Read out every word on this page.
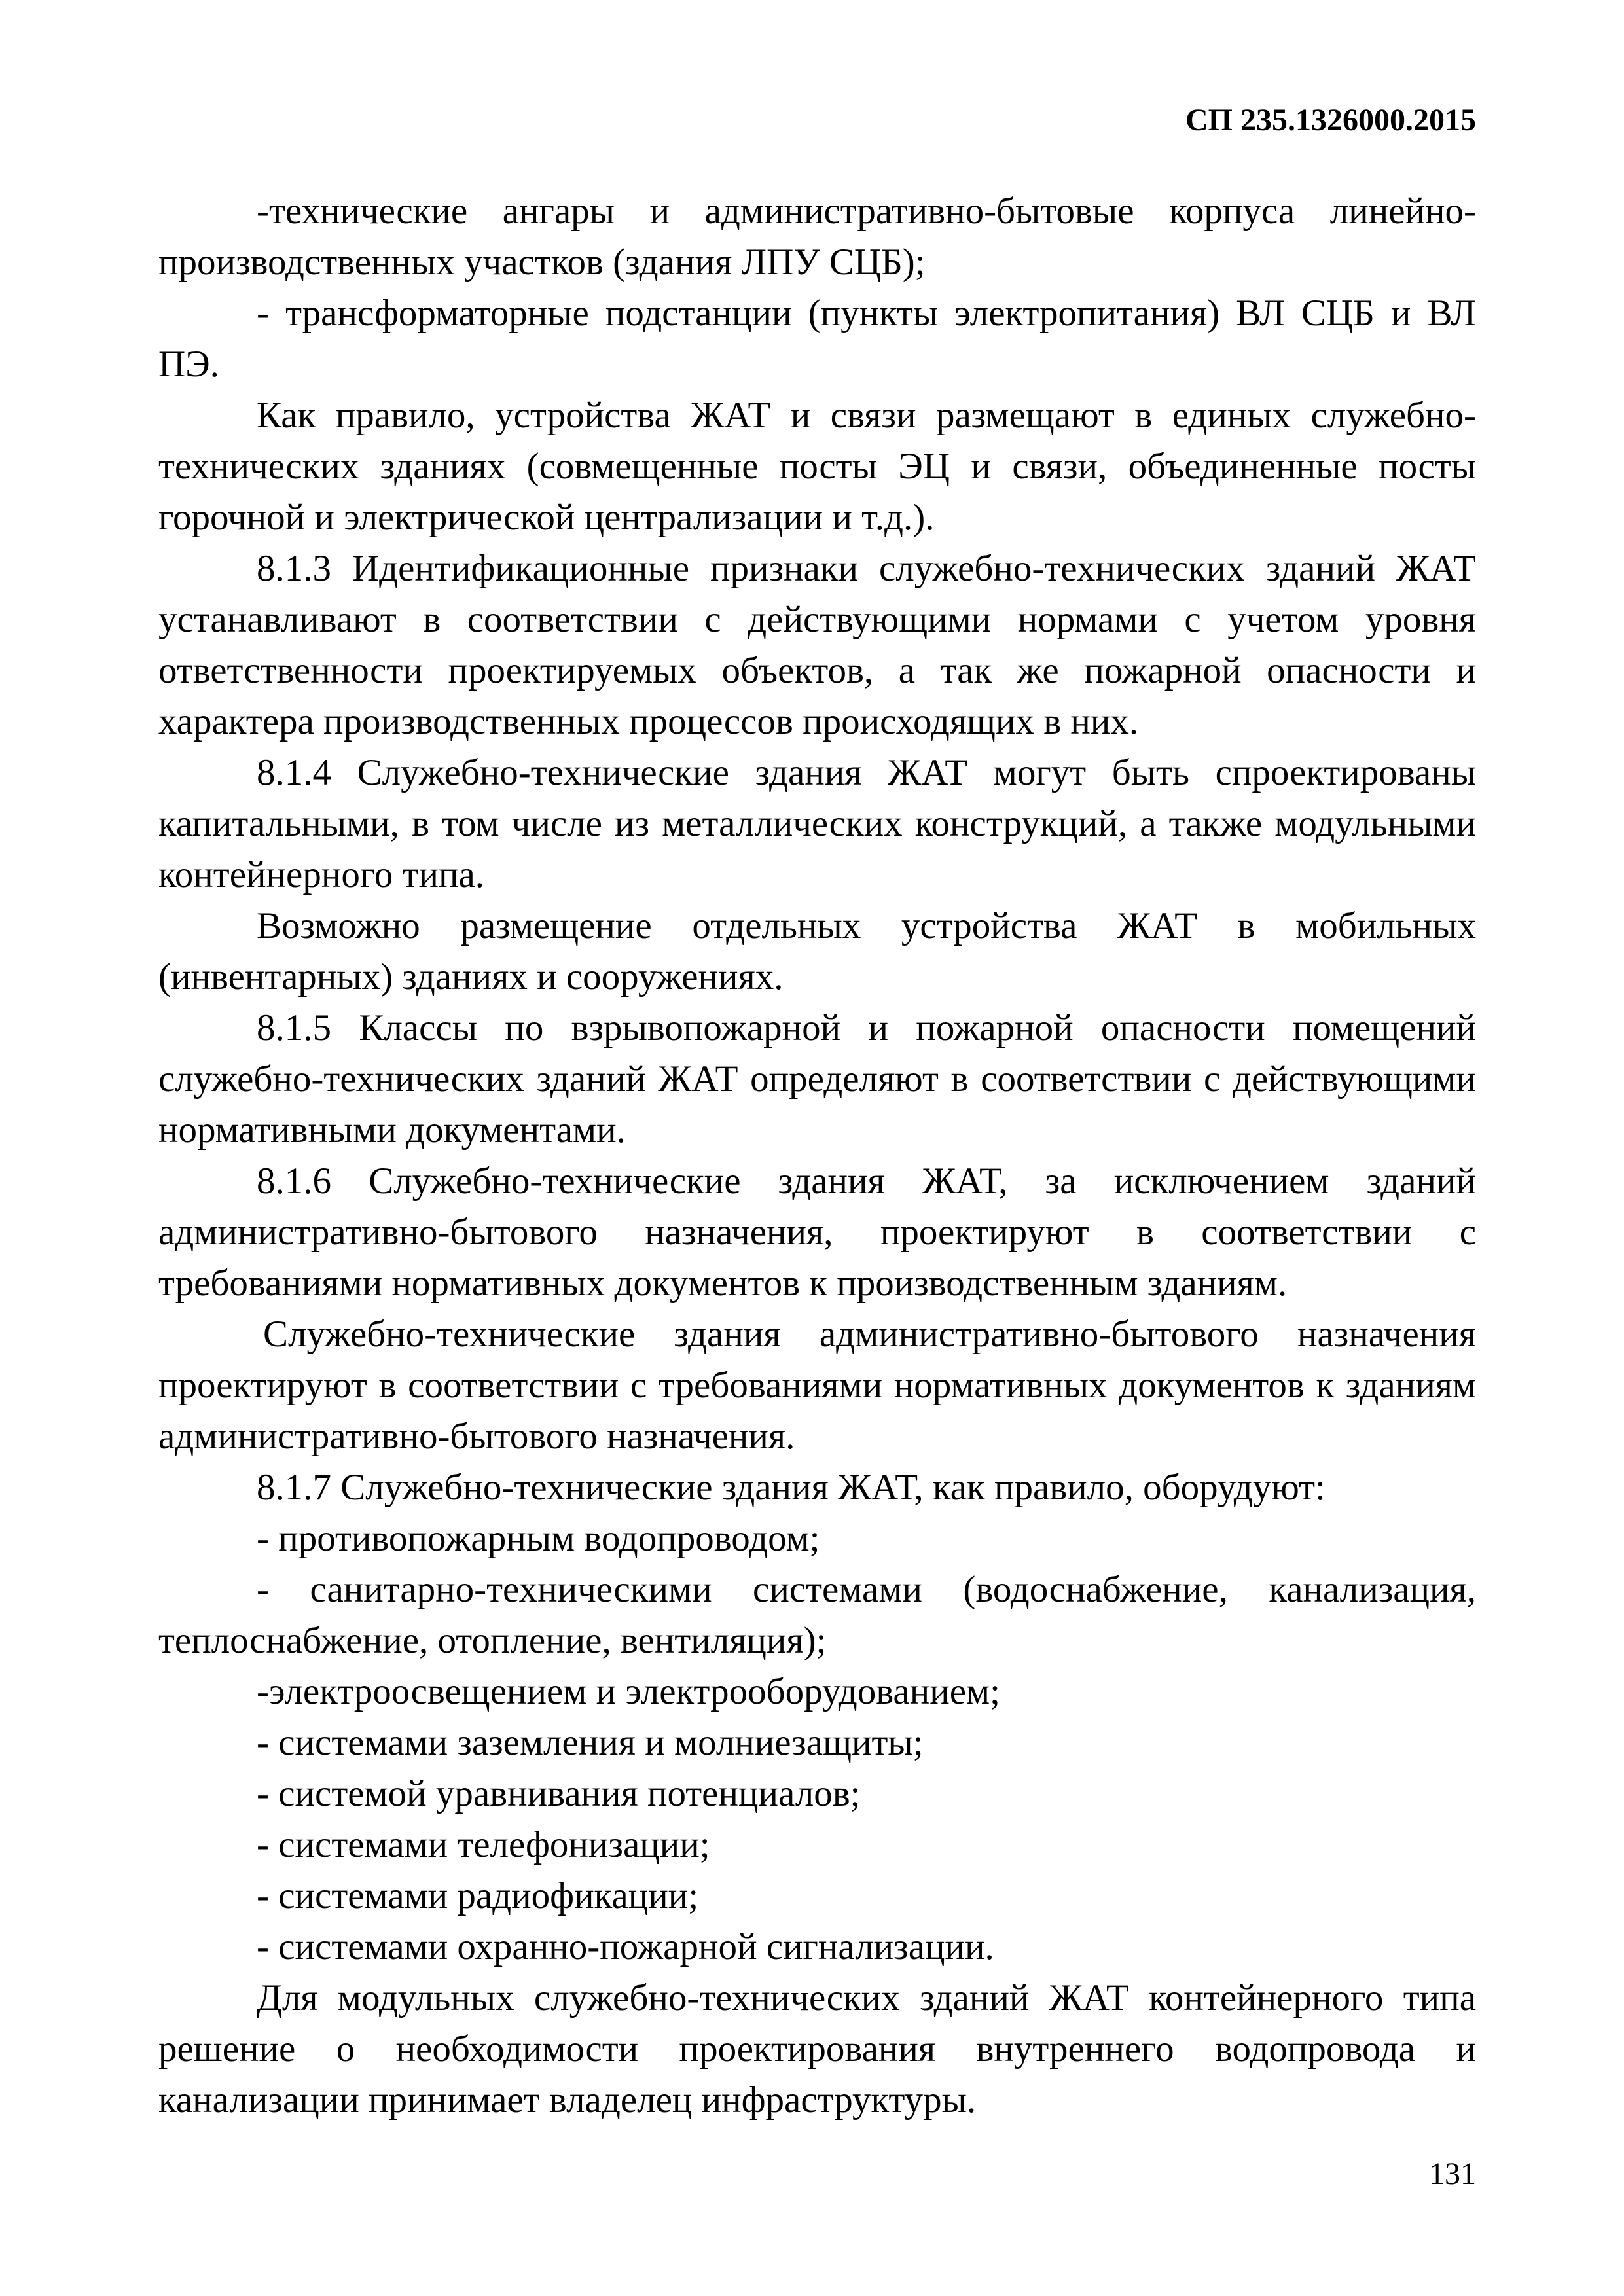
СП 235.1326000.2015

-технические ангары и административно-бытовые корпуса линейно-производственных участков (здания ЛПУ СЦБ);

- трансформаторные подстанции (пункты электропитания) ВЛ СЦБ и ВЛ ПЭ.

Как правило, устройства ЖАТ и связи размещают в единых служебно-технических зданиях (совмещенные посты ЭЦ и связи, объединенные посты горочной и электрической централизации и т.д.).

8.1.3 Идентификационные признаки служебно-технических зданий ЖАТ устанавливают в соответствии с действующими нормами с учетом уровня ответственности проектируемых объектов, а так же пожарной опасности и характера производственных процессов происходящих в них.

8.1.4 Служебно-технические здания ЖАТ могут быть спроектированы капитальными, в том числе из металлических конструкций, а также модульными контейнерного типа.

Возможно размещение отдельных устройства ЖАТ в мобильных (инвентарных) зданиях и сооружениях.

8.1.5 Классы по взрывопожарной и пожарной опасности помещений служебно-технических зданий ЖАТ определяют в соответствии с действующими нормативными документами.

8.1.6 Служебно-технические здания ЖАТ, за исключением зданий административно-бытового назначения, проектируют в соответствии с требованиями нормативных документов к производственным зданиям.

Служебно-технические здания административно-бытового назначения проектируют в соответствии с требованиями нормативных документов к зданиям административно-бытового назначения.

8.1.7 Служебно-технические здания ЖАТ, как правило, оборудуют:

- противопожарным водопроводом;

- санитарно-техническими системами (водоснабжение, канализация, теплоснабжение, отопление, вентиляция);

-электроосвещением и электрооборудованием;

- системами заземления и молниезащиты;

- системой уравнивания потенциалов;

- системами телефонизации;

- системами радиофикации;

- системами охранно-пожарной сигнализации.

Для модульных служебно-технических зданий ЖАТ контейнерного типа решение о необходимости проектирования внутреннего водопровода и канализации принимает владелец инфраструктуры.

131
